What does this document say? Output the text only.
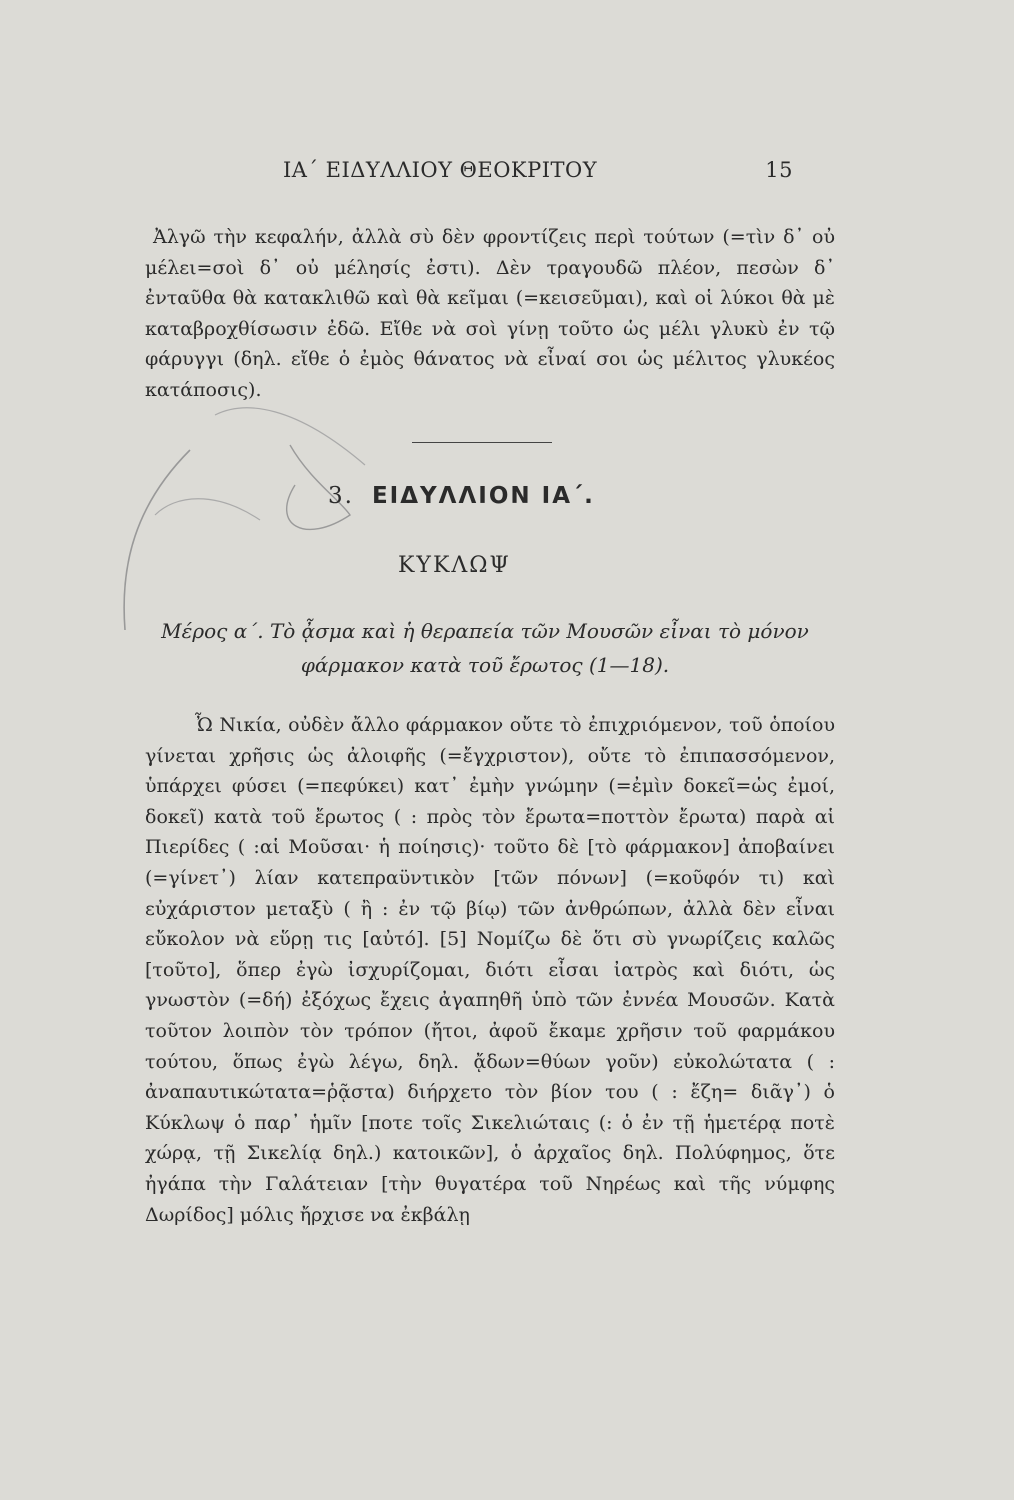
ΙΑ΄ ΕΙΔΥΛΛΙΟΥ ΘΕΟΚΡΙΤΟΥ	15
Ἀλγῶ τὴν κεφαλήν, ἀλλὰ σὺ δὲν φροντίζεις περὶ τούτων (=τὶν δ᾽ οὐ μέλει=σοὶ δ᾽ οὐ μέλησίς ἐστι). Δὲν τραγουδῶ πλέον, πεσὼν δ᾽ ἐνταῦθα θὰ κατακλιθῶ καὶ θὰ κεῖμαι (=κεισεῦμαι), καὶ οἱ λύκοι θὰ μὲ καταβροχθίσωσιν ἐδῶ. Εἴθε νὰ σοὶ γίνῃ τοῦτο ὡς μέλι γλυκὺ ἐν τῷ φάρυγγι (δηλ. εἴθε ὁ ἐμὸς θάνατος νὰ εἶναί σοι ὡς μέλιτος γλυκέος κατάποσις).
3. ΕΙΔΥΛΛΙΟΝ ΙΑ΄.
ΚΥΚΛΩΨ
Μέρος α΄. Τὸ ᾆσμα καὶ ἡ θεραπεία τῶν Μουσῶν εἶναι τὸ μόνον φάρμακον κατὰ τοῦ ἔρωτος (1—18).
Ὦ Νικία, οὐδὲν ἄλλο φάρμακον οὔτε τὸ ἐπιχριόμενον, τοῦ ὁποίου γίνεται χρῆσις ὡς ἀλοιφῆς (=ἔγχριστον), οὔτε τὸ ἐπιπασσόμενον, ὑπάρχει φύσει (=πεφύκει) κατ᾽ ἐμὴν γνώμην (=ἐμὶν δοκεῖ=ὡς ἐμοί, δοκεῖ) κατὰ τοῦ ἔρωτος ( : πρὸς τὸν ἔρωτα=ποττὸν ἔρωτα) παρὰ αἱ Πιερίδες ( :αἱ Μοῦσαι· ἡ ποίησις)· τοῦτο δὲ [τὸ φάρμακον] ἀποβαίνει (=γίνετ᾽) λίαν κατεπραϋντικὸν [τῶν πόνων] (=κοῦφόν τι) καὶ εὐχάριστον μεταξὺ ( ἢ : ἐν τῷ βίῳ) τῶν ἀνθρώπων, ἀλλὰ δὲν εἶναι εὔκολον νὰ εὕρῃ τις [αὐτό]. [5] Νομίζω δὲ ὅτι σὺ γνωρίζεις καλῶς [τοῦτο], ὅπερ ἐγὼ ἰσχυρίζομαι, διότι εἶσαι ἰατρὸς καὶ διότι, ὡς γνωστὸν (=δή) ἐξόχως ἔχεις ἀγαπηθῆ ὑπὸ τῶν ἐννέα Μουσῶν. Κατὰ τοῦτον λοιπὸν τὸν τρόπον (ἤτοι, ἀφοῦ ἔκαμε χρῆσιν τοῦ φαρμάκου τούτου, ὅπως ἐγὼ λέγω, δηλ. ᾄδων=θύων γοῦν) εὐκολώτατα ( : ἀναπαυτικώτατα=ῥᾷστα) διήρχετο τὸν βίον του ( : ἔζη= διᾶγ᾽) ὁ Κύκλωψ ὁ παρ᾽ ἡμῖν [ποτε τοῖς Σικελιώταις (: ὁ ἐν τῇ ἡμετέρᾳ ποτὲ χώρᾳ, τῇ Σικελίᾳ δηλ.) κατοικῶν], ὁ ἀρχαῖος δηλ. Πολύφημος, ὅτε ἠγάπα τὴν Γαλάτειαν [τὴν θυγατέρα τοῦ Νηρέως καὶ τῆς νύμφης Δωρίδος] μόλις ἤρχισε να ἐκβάλῃ
